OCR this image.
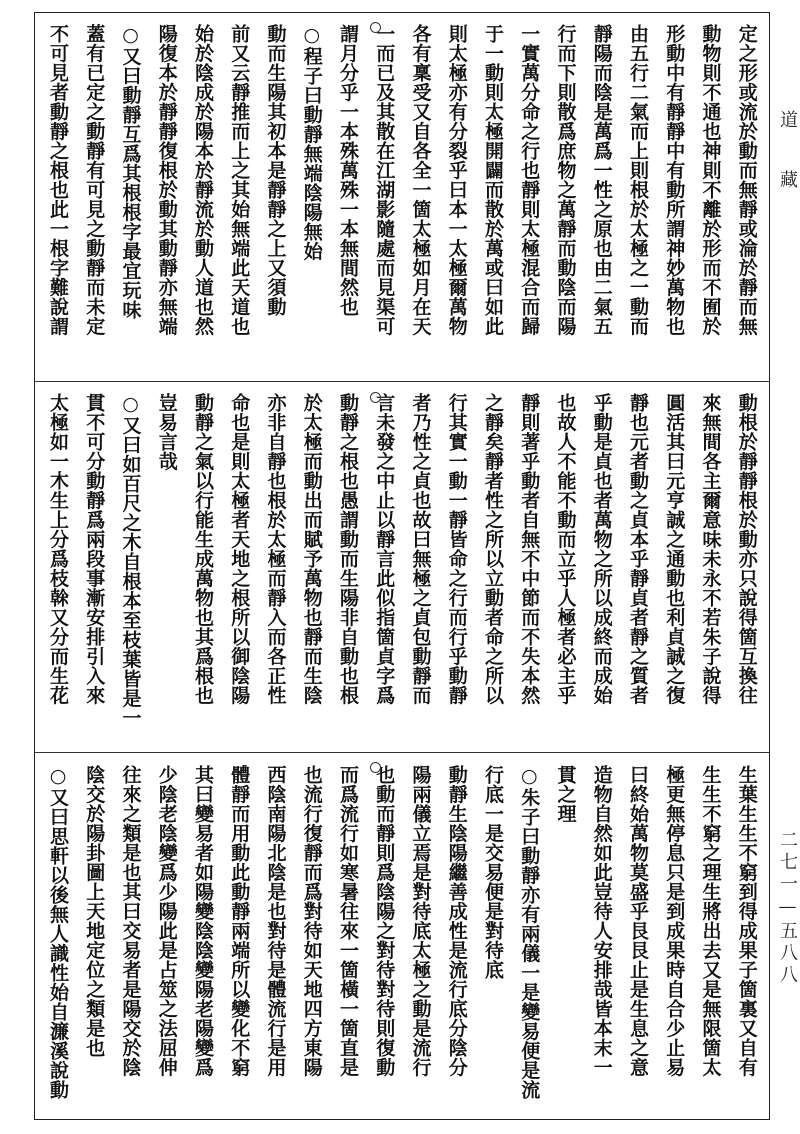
定之形或流於動而無靜或淪於靜而無
動物則不通也神則不離於形而不囿於
形動中有靜靜中有動所謂神妙萬物也
由五行二氣而上則根於太極之一動而
靜陽而陰是萬爲一性之原也由二氣五
行而下則散爲庶物之萬靜而動陰而陽
一實萬分命之行也靜則太極混合而歸
于一動則太極開闢而散於萬或曰如此
則太極亦有分裂乎曰本一太極爾萬物
各有稟受又自各全一箇太極如月在天
一而已及其散在江湖影隨處而見渠可
謂月分乎一本殊萬殊一本無間然也
○程子曰動靜無端陰陽無始
動而生陽其初本是靜靜之上又須動
前又云靜推而上之其始無端此天道也
始於陰成於陽本於靜流於動人道也然
陽復本於靜靜復根於動其動靜亦無端
○又曰動靜互爲其根根字最宜玩味
蓋有已定之動靜有可見之動靜而未定
不可見者動靜之根也此一根字難說謂
動根於靜靜根於動亦只說得箇互換往
來無間各主爾意味未永不若朱子說得
圓活其曰元亨誠之通動也利貞誠之復
靜也元者動之貞本乎靜貞者靜之質者
乎動是貞也者萬物之所以成終而成始
也故人不能不動而立乎人極者必主乎
靜則著乎動者自無不中節而不失本然
之靜矣靜者性之所以立動者命之所以
行其實一動一靜皆命之行而行乎動靜
者乃性之貞也故曰無極之貞包動靜而
言未發之中止以靜言此似指箇貞字爲
動靜之根也愚謂動而生陽非自動也根
於太極而動出而賦予萬物也靜而生陰
亦非自靜也根於太極而靜入而各正性
命也是則太極者天地之根所以御陰陽
動靜之氣以行能生成萬物也其爲根也
豈易言哉
○又曰如百尺之木自根本至枝葉皆是一
貫不可分動靜爲兩段事漸安排引入來
太極如一木生上分爲枝榦又分而生花
生葉生生不窮到得成果子箇裏又自有
生生不窮之理生將出去又是無限箇太
極更無停息只是到成果時自合少止易
曰終始萬物莫盛乎艮艮止是生息之意
造物自然如此豈待人安排哉皆本末一
貫之理
○朱子曰動靜亦有兩儀一是變易便是流
行底一是交易便是對待底
動靜生陰陽繼善成性是流行底分陰分
陽兩儀立焉是對待底太極之動是流行
也動而靜則爲陰陽之對待對待則復動
而爲流行如寒暑往來一箇橫一箇直是
也流行復靜而爲對待如天地四方東陽
西陰南陽北陰是也對待是體流行是用
體靜而用動此動靜兩端所以變化不窮
其曰變易者如陽變陰陰變陽老陽變爲
少陰老陰變爲少陽此是占筮之法屈伸
往來之類是也其曰交易者是陽交於陰
陰交於陽卦圖上天地定位之類是也
○又曰思軒以後無人識性始自濂溪說動
道
藏
二七一—五八八
